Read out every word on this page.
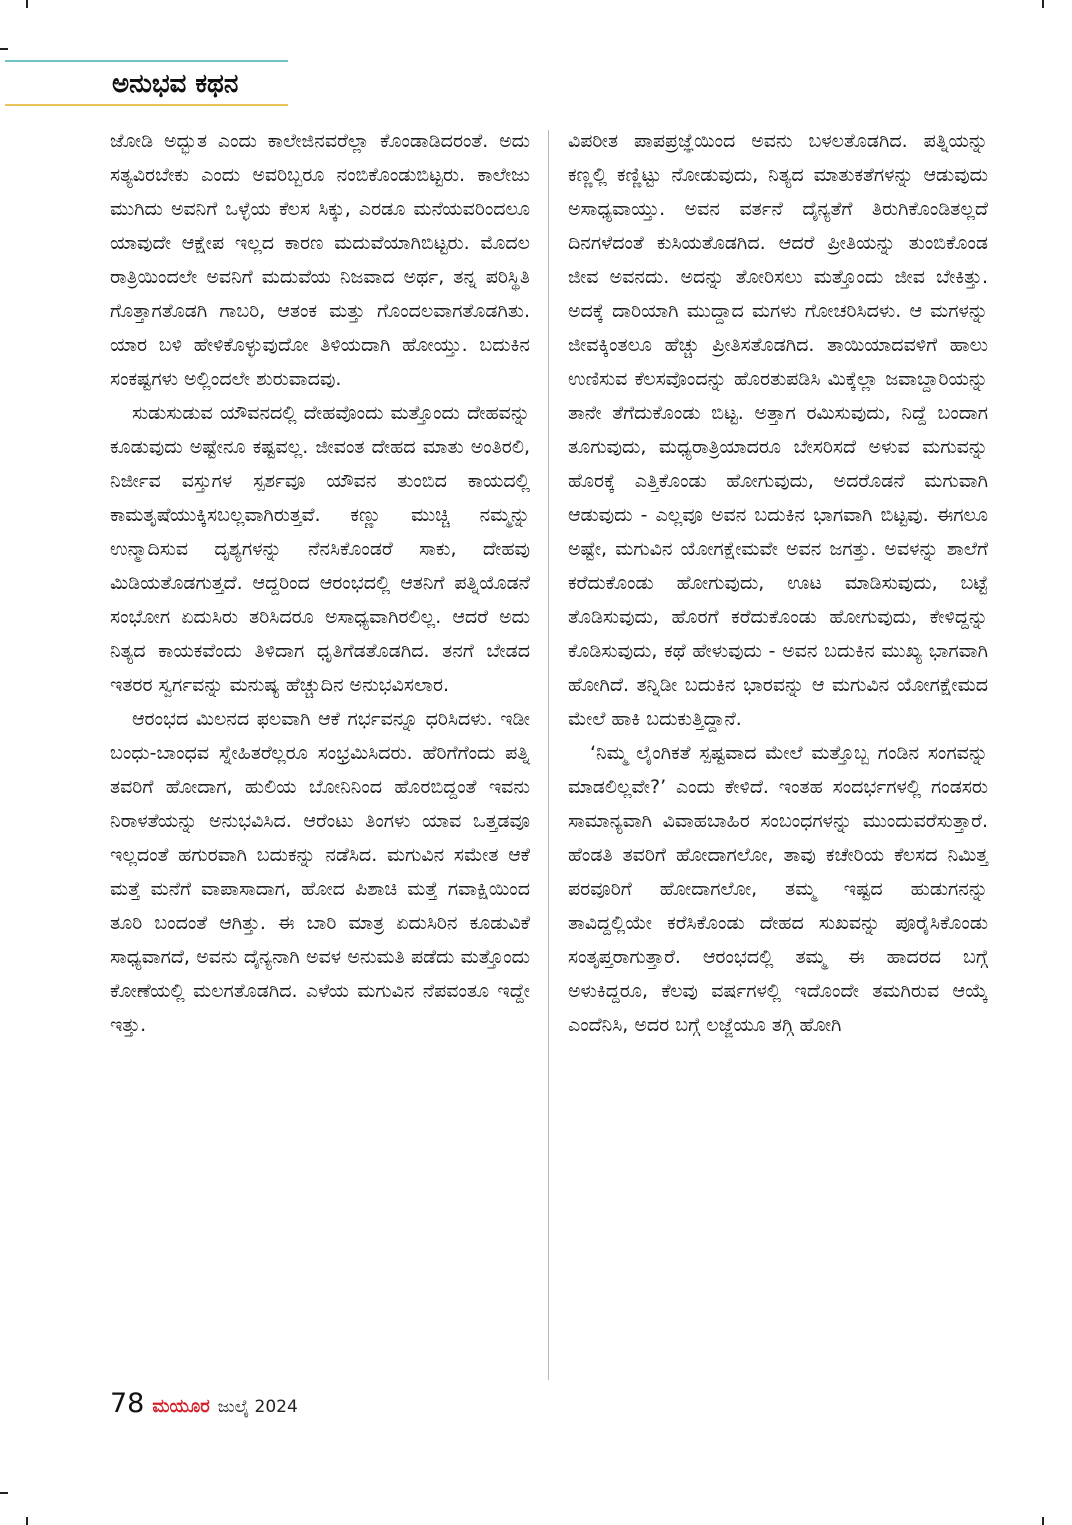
ಅನುಭವ ಕಥನ

ಜೋಡಿ ಅದ್ಭುತ ಎಂದು ಕಾಲೇಜಿನವರೆಲ್ಲಾ ಕೊಂಡಾಡಿದರಂತೆ. ಅದು ಸತ್ಯವಿರಬೇಕು ಎಂದು ಅವರಿಬ್ಬರೂ ನಂಬಿಕೊಂಡುಬಿಟ್ಟರು. ಕಾಲೇಜು ಮುಗಿದು ಅವನಿಗೆ ಒಳ್ಳೆಯ ಕೆಲಸ ಸಿಕ್ಕು, ಎರಡೂ ಮನೆಯವರಿಂದಲೂ ಯಾವುದೇ ಆಕ್ಷೇಪ ಇಲ್ಲದ ಕಾರಣ ಮದುವೆಯಾಗಿಬಿಟ್ಟರು. ಮೊದಲ ರಾತ್ರಿಯಿಂದಲೇ ಅವನಿಗೆ ಮದುವೆಯ ನಿಜವಾದ ಅರ್ಥ, ತನ್ನ ಪರಿಸ್ಥಿತಿ ಗೊತ್ತಾಗತೊಡಗಿ ಗಾಬರಿ, ಆತಂಕ ಮತ್ತು ಗೊಂದಲವಾಗತೊಡಗಿತು. ಯಾರ ಬಳಿ ಹೇಳಿಕೊಳ್ಳುವುದೋ ತಿಳಿಯದಾಗಿ ಹೋಯ್ತು. ಬದುಕಿನ ಸಂಕಷ್ಟಗಳು ಅಲ್ಲಿಂದಲೇ ಶುರುವಾದವು.

ಸುಡುಸುಡುವ ಯೌವನದಲ್ಲಿ ದೇಹವೊಂದು ಮತ್ತೊಂದು ದೇಹವನ್ನು ಕೂಡುವುದು ಅಷ್ಟೇನೂ ಕಷ್ಟವಲ್ಲ. ಜೀವಂತ ದೇಹದ ಮಾತು ಅಂತಿರಲಿ, ನಿರ್ಜೀವ ವಸ್ತುಗಳ ಸ್ಪರ್ಶವೂ ಯೌವನ ತುಂಬಿದ ಕಾಯದಲ್ಲಿ ಕಾಮತೃಷೆಯುಕ್ಕಿಸಬಲ್ಲವಾಗಿರುತ್ತವೆ. ಕಣ್ಣು ಮುಚ್ಚಿ ನಮ್ಮನ್ನು ಉನ್ಮಾದಿಸುವ ದೃಶ್ಯಗಳನ್ನು ನೆನಸಿಕೊಂಡರೆ ಸಾಕು, ದೇಹವು ಮಿಡಿಯತೊಡಗುತ್ತದೆ. ಆದ್ದರಿಂದ ಆರಂಭದಲ್ಲಿ ಆತನಿಗೆ ಪತ್ನಿಯೊಡನೆ ಸಂಭೋಗ ಏದುಸಿರು ತರಿಸಿದರೂ ಅಸಾಧ್ಯವಾಗಿರಲಿಲ್ಲ. ಆದರೆ ಅದು ನಿತ್ಯದ ಕಾಯಕವೆಂದು ತಿಳಿದಾಗ ಧೃತಿಗೆಡತೊಡಗಿದ. ತನಗೆ ಬೇಡದ ಇತರರ ಸ್ವರ್ಗವನ್ನು ಮನುಷ್ಯ ಹೆಚ್ಚುದಿನ ಅನುಭವಿಸಲಾರ.

ಆರಂಭದ ಮಿಲನದ ಫಲವಾಗಿ ಆಕೆ ಗರ್ಭವನ್ನೂ ಧರಿಸಿದಳು. ಇಡೀ ಬಂಧು-ಬಾಂಧವ ಸ್ನೇಹಿತರೆಲ್ಲರೂ ಸಂಭ್ರಮಿಸಿದರು. ಹೆರಿಗೆಗೆಂದು ಪತ್ನಿ ತವರಿಗೆ ಹೋದಾಗ, ಹುಲಿಯ ಬೋನಿನಿಂದ ಹೊರಬಿದ್ದಂತೆ ಇವನು ನಿರಾಳತೆಯನ್ನು ಅನುಭವಿಸಿದ. ಆರೆಂಟು ತಿಂಗಳು ಯಾವ ಒತ್ತಡವೂ ಇಲ್ಲದಂತೆ ಹಗುರವಾಗಿ ಬದುಕನ್ನು ನಡೆಸಿದ. ಮಗುವಿನ ಸಮೇತ ಆಕೆ ಮತ್ತೆ ಮನೆಗೆ ವಾಪಾಸಾದಾಗ, ಹೋದ ಪಿಶಾಚಿ ಮತ್ತೆ ಗವಾಕ್ಷಿಯಿಂದ ತೂರಿ ಬಂದಂತೆ ಆಗಿತ್ತು. ಈ ಬಾರಿ ಮಾತ್ರ ಏದುಸಿರಿನ ಕೂಡುವಿಕೆ ಸಾಧ್ಯವಾಗದೆ, ಅವನು ದೈನ್ಯನಾಗಿ ಅವಳ ಅನುಮತಿ ಪಡೆದು ಮತ್ತೊಂದು ಕೋಣೆಯಲ್ಲಿ ಮಲಗತೊಡಗಿದ. ಎಳೆಯ ಮಗುವಿನ ನೆಪವಂತೂ ಇದ್ದೇ ಇತ್ತು.

ವಿಪರೀತ ಪಾಪಪ್ರಜ್ಞೆಯಿಂದ ಅವನು ಬಳಲತೊಡಗಿದ. ಪತ್ನಿಯನ್ನು ಕಣ್ಣಲ್ಲಿ ಕಣ್ಣಿಟ್ಟು ನೋಡುವುದು, ನಿತ್ಯದ ಮಾತುಕತೆಗಳನ್ನು ಆಡುವುದು ಅಸಾಧ್ಯವಾಯ್ತು. ಅವನ ವರ್ತನೆ ದೈನ್ಯತೆಗೆ ತಿರುಗಿಕೊಂಡಿತಲ್ಲದೆ ದಿನಗಳೆದಂತೆ ಕುಸಿಯತೊಡಗಿದ. ಆದರೆ ಪ್ರೀತಿಯನ್ನು ತುಂಬಿಕೊಂಡ ಜೀವ ಅವನದು. ಅದನ್ನು ತೋರಿಸಲು ಮತ್ತೊಂದು ಜೀವ ಬೇಕಿತ್ತು. ಅದಕ್ಕೆ ದಾರಿಯಾಗಿ ಮುದ್ದಾದ ಮಗಳು ಗೋಚರಿಸಿದಳು. ಆ ಮಗಳನ್ನು ಜೀವಕ್ಕಿಂತಲೂ ಹೆಚ್ಚು ಪ್ರೀತಿಸತೊಡಗಿದ. ತಾಯಿಯಾದವಳಿಗೆ ಹಾಲು ಉಣಿಸುವ ಕೆಲಸವೊಂದನ್ನು ಹೊರತುಪಡಿಸಿ ಮಿಕ್ಕೆಲ್ಲಾ ಜವಾಬ್ದಾರಿಯನ್ನು ತಾನೇ ತೆಗೆದುಕೊಂಡು ಬಿಟ್ಟ. ಅತ್ತಾಗ ರಮಿಸುವುದು, ನಿದ್ದೆ ಬಂದಾಗ ತೂಗುವುದು, ಮಧ್ಯರಾತ್ರಿಯಾದರೂ ಬೇಸರಿಸದೆ ಅಳುವ ಮಗುವನ್ನು ಹೊರಕ್ಕೆ ಎತ್ತಿಕೊಂಡು ಹೋಗುವುದು, ಅದರೊಡನೆ ಮಗುವಾಗಿ ಆಡುವುದು - ಎಲ್ಲವೂ ಅವನ ಬದುಕಿನ ಭಾಗವಾಗಿ ಬಿಟ್ಟವು. ಈಗಲೂ ಅಷ್ಟೇ, ಮಗುವಿನ ಯೋಗಕ್ಷೇಮವೇ ಅವನ ಜಗತ್ತು. ಅವಳನ್ನು ಶಾಲೆಗೆ ಕರೆದುಕೊಂಡು ಹೋಗುವುದು, ಊಟ ಮಾಡಿಸುವುದು, ಬಟ್ಟೆ ತೊಡಿಸುವುದು, ಹೊರಗೆ ಕರೆದುಕೊಂಡು ಹೋಗುವುದು, ಕೇಳಿದ್ದನ್ನು ಕೊಡಿಸುವುದು, ಕಥೆ ಹೇಳುವುದು - ಅವನ ಬದುಕಿನ ಮುಖ್ಯ ಭಾಗವಾಗಿ ಹೋಗಿದೆ. ತನ್ನಿಡೀ ಬದುಕಿನ ಭಾರವನ್ನು ಆ ಮಗುವಿನ ಯೋಗಕ್ಷೇಮದ ಮೇಲೆ ಹಾಕಿ ಬದುಕುತ್ತಿದ್ದಾನೆ.

‘ನಿಮ್ಮ ಲೈಂಗಿಕತೆ ಸ್ಪಷ್ಟವಾದ ಮೇಲೆ ಮತ್ತೊಬ್ಬ ಗಂಡಿನ ಸಂಗವನ್ನು ಮಾಡಲಿಲ್ಲವೇ?’ ಎಂದು ಕೇಳಿದೆ. ಇಂತಹ ಸಂದರ್ಭಗಳಲ್ಲಿ ಗಂಡಸರು ಸಾಮಾನ್ಯವಾಗಿ ವಿವಾಹಬಾಹಿರ ಸಂಬಂಧಗಳನ್ನು ಮುಂದುವರೆಸುತ್ತಾರೆ. ಹೆಂಡತಿ ತವರಿಗೆ ಹೋದಾಗಲೋ, ತಾವು ಕಚೇರಿಯ ಕೆಲಸದ ನಿಮಿತ್ತ ಪರವೂರಿಗೆ ಹೋದಾಗಲೋ, ತಮ್ಮ ಇಷ್ಟದ ಹುಡುಗನನ್ನು ತಾವಿದ್ದಲ್ಲಿಯೇ ಕರೆಸಿಕೊಂಡು ದೇಹದ ಸುಖವನ್ನು ಪೂರೈಸಿಕೊಂಡು ಸಂತೃಪ್ತರಾಗುತ್ತಾರೆ. ಆರಂಭದಲ್ಲಿ ತಮ್ಮ ಈ ಹಾದರದ ಬಗ್ಗೆ ಅಳುಕಿದ್ದರೂ, ಕೆಲವು ವರ್ಷಗಳಲ್ಲಿ ಇದೊಂದೇ ತಮಗಿರುವ ಆಯ್ಕೆ ಎಂದೆನಿಸಿ, ಅದರ ಬಗ್ಗೆ ಲಜ್ಜೆಯೂ ತಗ್ಗಿ ಹೋಗಿ

78 ಮಯೂರ ಜುಲೈ 2024
